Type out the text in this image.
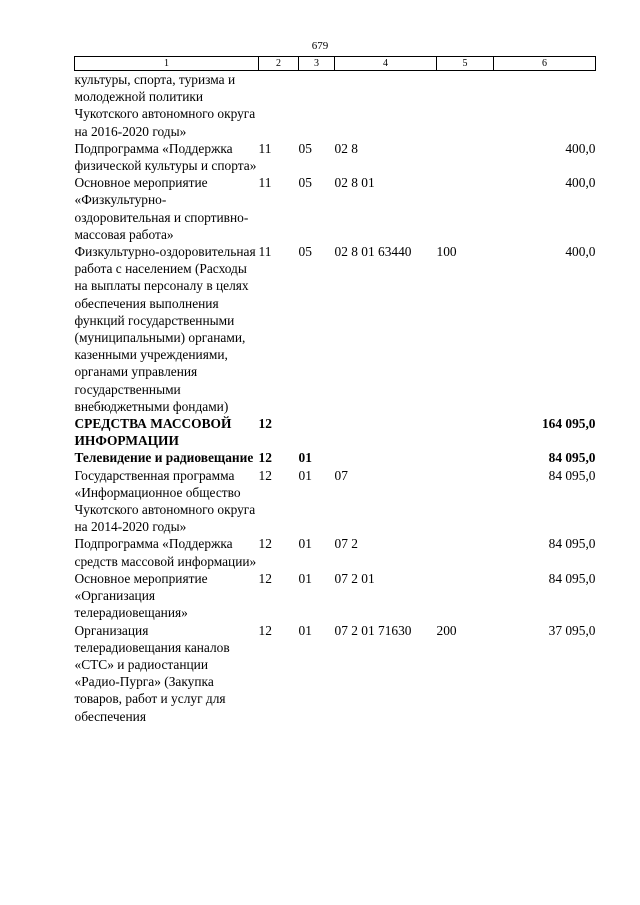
679
1	2	3	4	5	6
культуры, спорта, туризма и молодежной политики Чукотского автономного округа на 2016-2020 годы»					
Подпрограмма «Поддержка физической культуры и спорта»	11	05	02 8		400,0
Основное мероприятие «Физкультурно-оздоровительная и спортивно-массовая работа»	11	05	02 8 01		400,0
Физкультурно-оздоровительная работа с населением (Расходы на выплаты персоналу в целях обеспечения выполнения функций государственными (муниципальными) органами, казенными учреждениями, органами управления государственными внебюджетными фондами)	11	05	02 8 01 63440	100	400,0
СРЕДСТВА МАССОВОЙ ИНФОРМАЦИИ	12				164 095,0
Телевидение и радиовещание	12	01			84 095,0
Государственная программа «Информационное общество Чукотского автономного округа на 2014-2020 годы»	12	01	07		84 095,0
Подпрограмма «Поддержка средств массовой информации»	12	01	07 2		84 095,0
Основное мероприятие «Организация телерадиовещания»	12	01	07 2 01		84 095,0
Организация телерадиовещания каналов «СТС» и радиостанции «Радио-Пурга» (Закупка товаров, работ и услуг для обеспечения	12	01	07 2 01 71630	200	37 095,0
